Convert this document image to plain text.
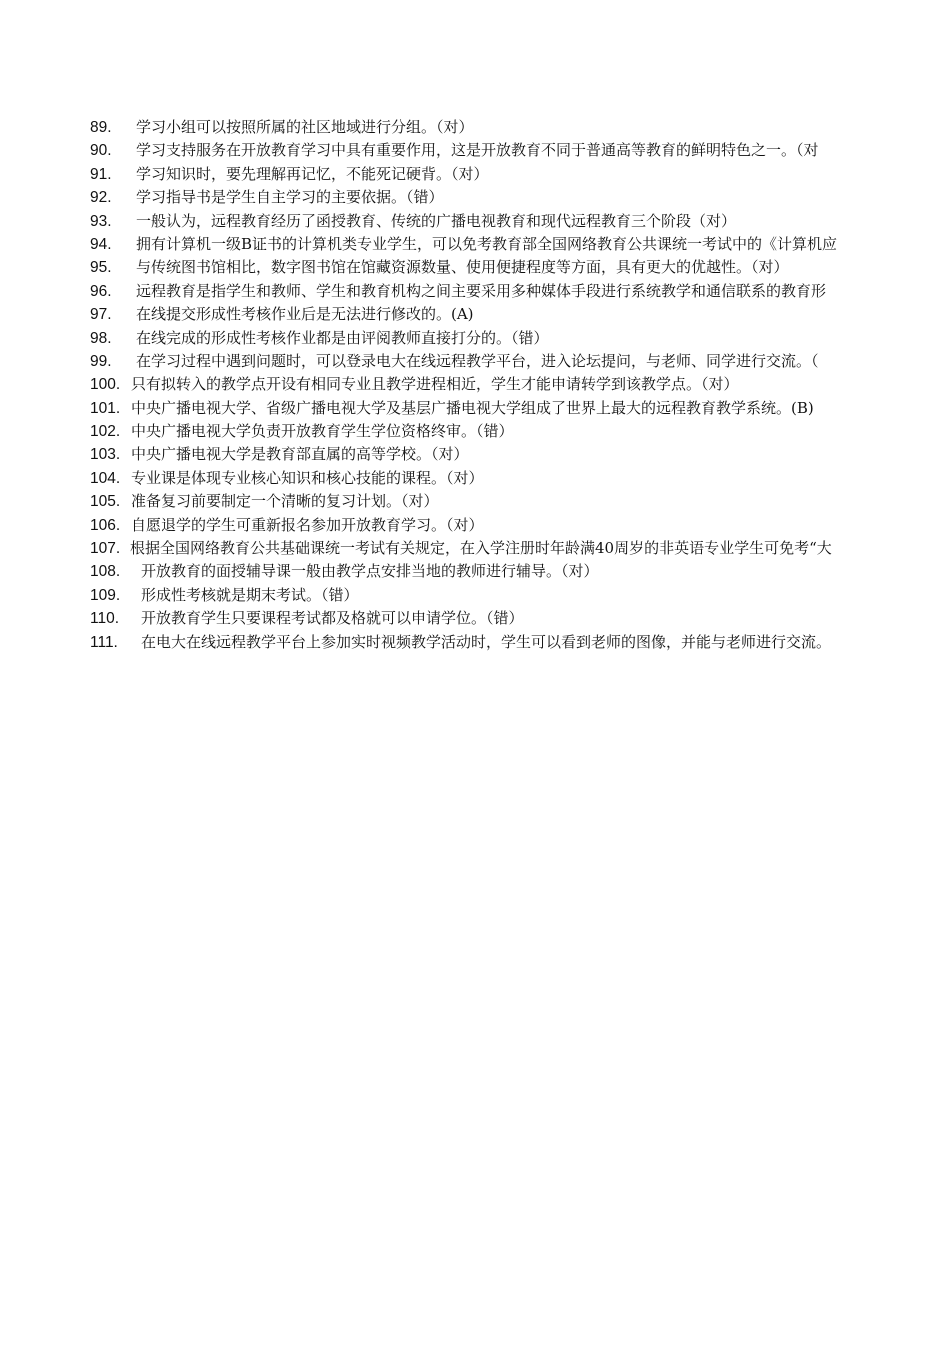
89.	学习小组可以按照所属的社区地域进行分组。（对）
90.	学习支持服务在开放教育学习中具有重要作用，这是开放教育不同于普通高等教育的鲜明特色之一。（对
91.	学习知识时，要先理解再记忆，不能死记硬背。（对）
92.	学习指导书是学生自主学习的主要依据。（错）
93.	一般认为，远程教育经历了函授教育、传统的广播电视教育和现代远程教育三个阶段（对）
94.	拥有计算机一级B证书的计算机类专业学生，可以免考教育部全国网络教育公共课统一考试中的《计算机应
95.	与传统图书馆相比，数字图书馆在馆藏资源数量、使用便捷程度等方面，具有更大的优越性。（对）
96.	远程教育是指学生和教师、学生和教育机构之间主要采用多种媒体手段进行系统教学和通信联系的教育形
97.	在线提交形成性考核作业后是无法进行修改的。(A)
98.	在线完成的形成性考核作业都是由评阅教师直接打分的。（错）
99.	在学习过程中遇到问题时，可以登录电大在线远程教学平台，进入论坛提问，与老师、同学进行交流。（
100. 只有拟转入的教学点开设有相同专业且教学进程相近，学生才能申请转学到该教学点。（对）
101. 中央广播电视大学、省级广播电视大学及基层广播电视大学组成了世界上最大的远程教育教学系统。(B)
102. 中央广播电视大学负责开放教育学生学位资格终审。（错）
103. 中央广播电视大学是教育部直属的高等学校。（对）
104. 专业课是体现专业核心知识和核心技能的课程。（对）
105. 准备复习前要制定一个清晰的复习计划。（对）
106. 自愿退学的学生可重新报名参加开放教育学习。（对）
107. 根据全国网络教育公共基础课统一考试有关规定，在入学注册时年龄满40周岁的非英语专业学生可免考“大
108.	开放教育的面授辅导课一般由教学点安排当地的教师进行辅导。（对）
109.	形成性考核就是期末考试。（错）
110.	开放教育学生只要课程考试都及格就可以申请学位。（错）
111.	在电大在线远程教学平台上参加实时视频教学活动时，学生可以看到老师的图像，并能与老师进行交流。
